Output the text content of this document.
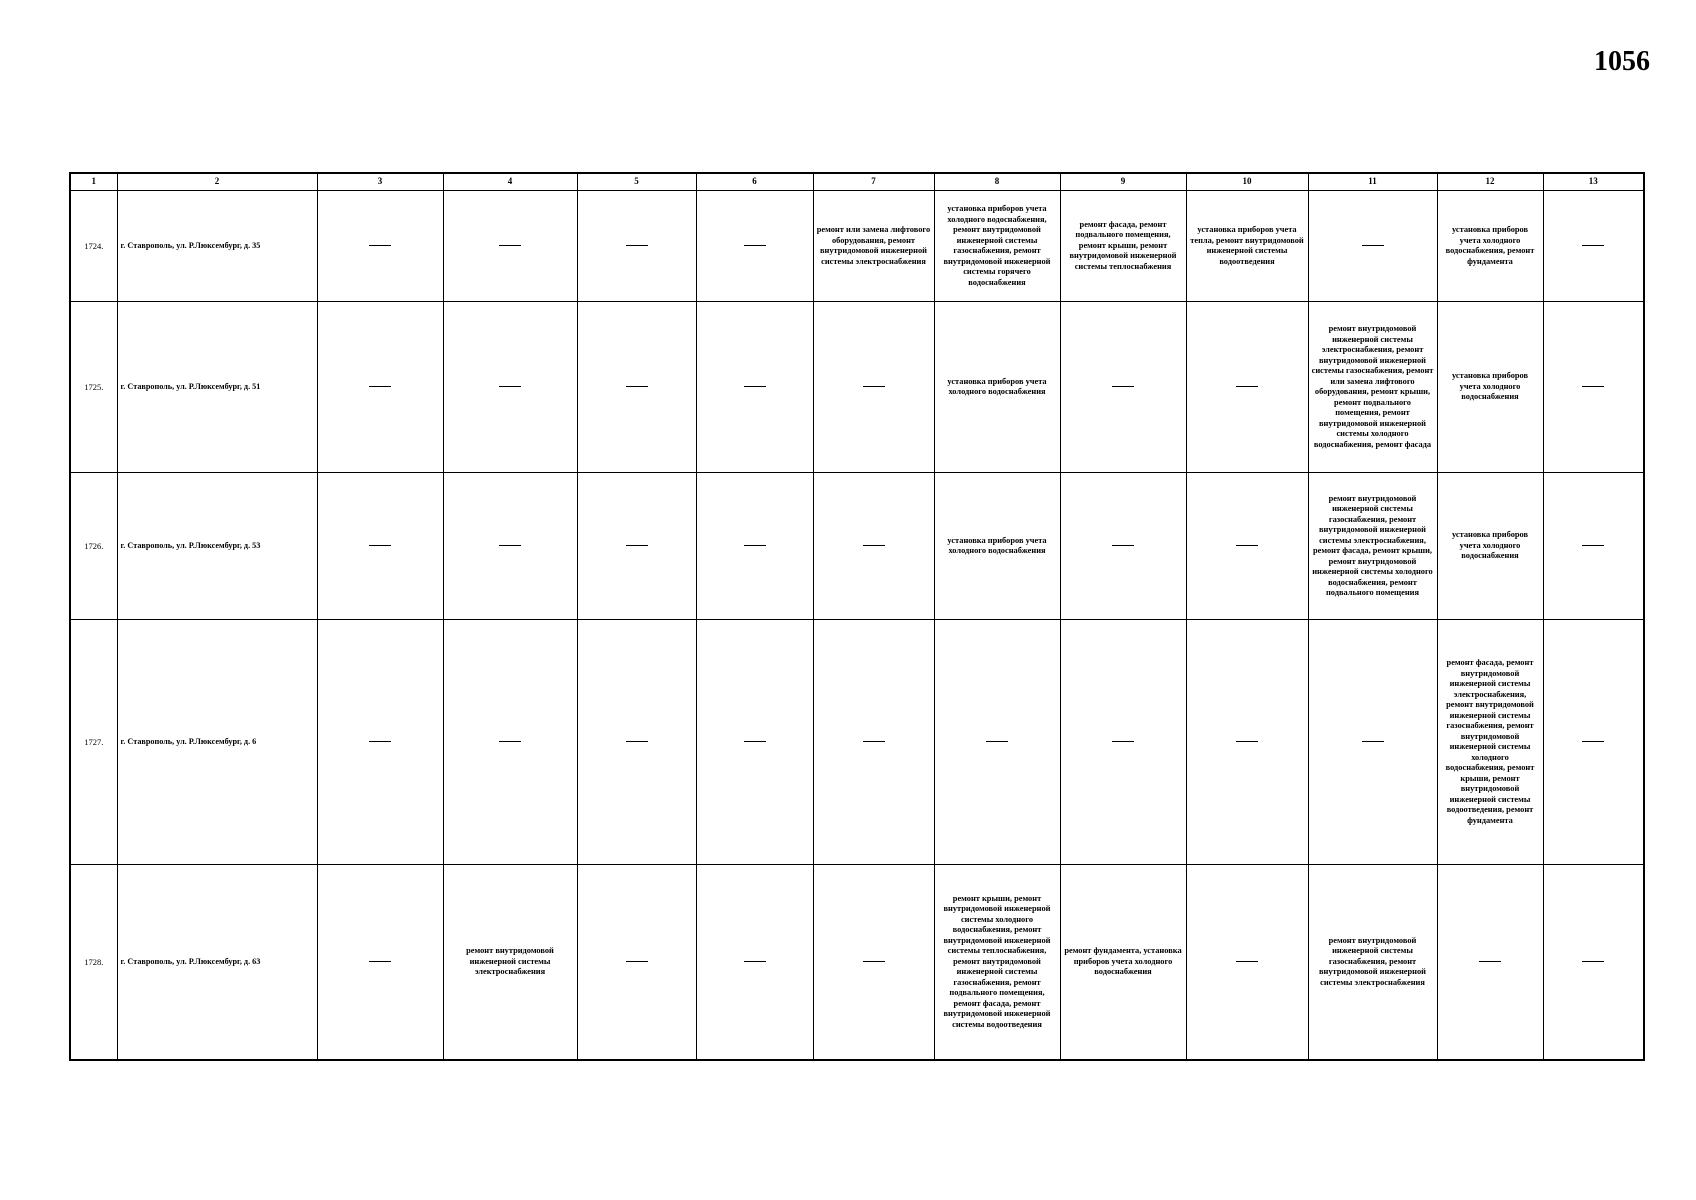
1056
1	2	3	4	5	6	7	8	9	10	11	12	13
1724.	г. Ставрополь, ул. Р.Люксембург, д. 35					ремонт или замена лифтового оборудования, ремонт внутридомовой инженерной системы электроснабжения	установка приборов учета холодного водоснабжения, ремонт внутридомовой инженерной системы газоснабжения, ремонт внутридомовой инженерной системы горячего водоснабжения	ремонт фасада, ремонт подвального помещения, ремонт крыши, ремонт внутридомовой инженерной системы теплоснабжения	установка приборов учета тепла, ремонт внутридомовой инженерной системы водоотведения		установка приборов учета холодного водоснабжения, ремонт фундамента	
1725.	г. Ставрополь, ул. Р.Люксембург, д. 51						установка приборов учета холодного водоснабжения			ремонт внутридомовой инженерной системы электроснабжения, ремонт внутридомовой инженерной системы газоснабжения, ремонт или замена лифтового оборудования, ремонт крыши, ремонт подвального помещения, ремонт внутридомовой инженерной системы холодного водоснабжения, ремонт фасада	установка приборов учета холодного водоснабжения	
1726.	г. Ставрополь, ул. Р.Люксембург, д. 53						установка приборов учета холодного водоснабжения			ремонт внутридомовой инженерной системы газоснабжения, ремонт внутридомовой инженерной системы электроснабжения, ремонт фасада, ремонт крыши, ремонт внутридомовой инженерной системы холодного водоснабжения, ремонт подвального помещения	установка приборов учета холодного водоснабжения	
1727.	г. Ставрополь, ул. Р.Люксембург, д. 6										ремонт фасада, ремонт внутридомовой инженерной системы электроснабжения, ремонт внутридомовой инженерной системы газоснабжения, ремонт внутридомовой инженерной системы холодного водоснабжения, ремонт крыши, ремонт внутридомовой инженерной системы водоотведения, ремонт фундамента	
1728.	г. Ставрополь, ул. Р.Люксембург, д. 63		ремонт внутридомовой инженерной системы электроснабжения				ремонт крыши, ремонт внутридомовой инженерной системы холодного водоснабжения, ремонт внутридомовой инженерной системы теплоснабжения, ремонт внутридомовой инженерной системы газоснабжения, ремонт подвального помещения, ремонт фасада, ремонт внутридомовой инженерной системы водоотведения	ремонт фундамента, установка приборов учета холодного водоснабжения		ремонт внутридомовой инженерной системы газоснабжения, ремонт внутридомовой инженерной системы электроснабжения		
